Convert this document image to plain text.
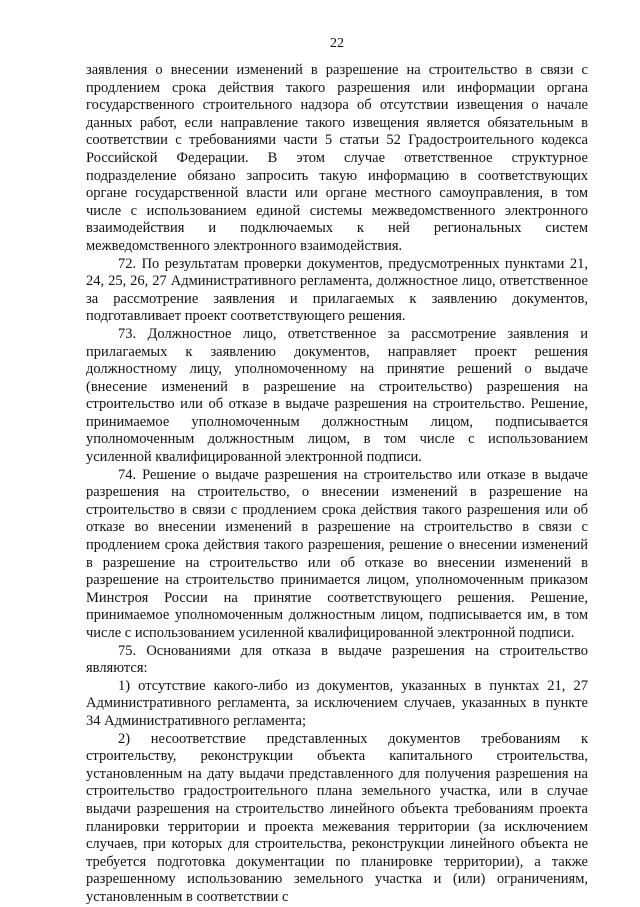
22

заявления о внесении изменений в разрешение на строительство в связи с продлением срока действия такого разрешения или информации органа государственного строительного надзора об отсутствии извещения о начале данных работ, если направление такого извещения является обязательным в соответствии с требованиями части 5 статьи 52 Градостроительного кодекса Российской Федерации. В этом случае ответственное структурное подразделение обязано запросить такую информацию в соответствующих органе государственной власти или органе местного самоуправления, в том числе с использованием единой системы межведомственного электронного взаимодействия и подключаемых к ней региональных систем межведомственного электронного взаимодействия.

72. По результатам проверки документов, предусмотренных пунктами 21, 24, 25, 26, 27 Административного регламента, должностное лицо, ответственное за рассмотрение заявления и прилагаемых к заявлению документов, подготавливает проект соответствующего решения.

73. Должностное лицо, ответственное за рассмотрение заявления и прилагаемых к заявлению документов, направляет проект решения должностному лицу, уполномоченному на принятие решений о выдаче (внесение изменений в разрешение на строительство) разрешения на строительство или об отказе в выдаче разрешения на строительство. Решение, принимаемое уполномоченным должностным лицом, подписывается уполномоченным должностным лицом, в том числе с использованием усиленной квалифицированной электронной подписи.

74. Решение о выдаче разрешения на строительство или отказе в выдаче разрешения на строительство, о внесении изменений в разрешение на строительство в связи с продлением срока действия такого разрешения или об отказе во внесении изменений в разрешение на строительство в связи с продлением срока действия такого разрешения, решение о внесении изменений в разрешение на строительство или об отказе во внесении изменений в разрешение на строительство принимается лицом, уполномоченным приказом Минстроя России на принятие соответствующего решения. Решение, принимаемое уполномоченным должностным лицом, подписывается им, в том числе с использованием усиленной квалифицированной электронной подписи.

75. Основаниями для отказа в выдаче разрешения на строительство являются:

1) отсутствие какого-либо из документов, указанных в пунктах 21, 27 Административного регламента, за исключением случаев, указанных в пункте 34 Административного регламента;

2) несоответствие представленных документов требованиям к строительству, реконструкции объекта капитального строительства, установленным на дату выдачи представленного для получения разрешения на строительство градостроительного плана земельного участка, или в случае выдачи разрешения на строительство линейного объекта требованиям проекта планировки территории и проекта межевания территории (за исключением случаев, при которых для строительства, реконструкции линейного объекта не требуется подготовка документации по планировке территории), а также разрешенному использованию земельного участка и (или) ограничениям, установленным в соответствии с
